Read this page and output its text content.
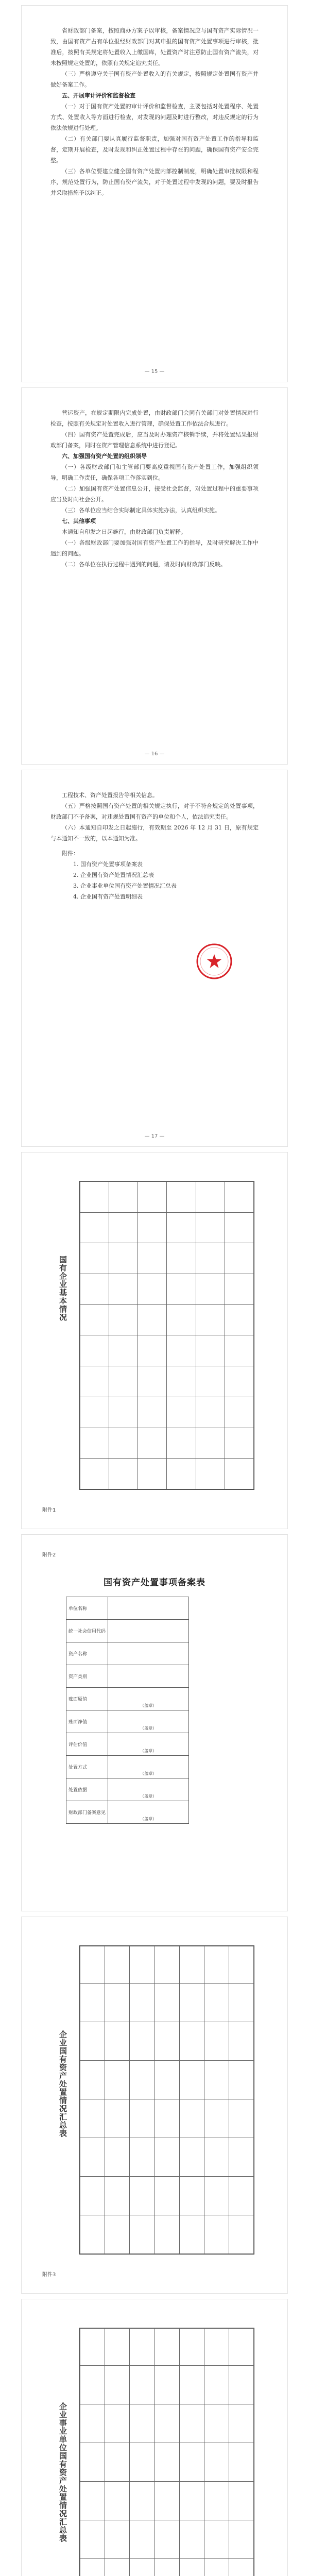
省财政部门备案，按照商办方案予以审核，备案情况应与国有资产实际情况一致，由国有资产占有单位报经财政部门对其申报的国有资产处置事项进行审核，批准后，按照有关规定将处置收入上缴国库，处置资产时注意防止国有资产流失，对未按照规定处置的，依照有关规定追究责任。

（三）严格遵守关于国有资产处置收入的有关规定，按照规定处置国有资产并做好备案工作。

五、开展审计评价和监督检查

（一）对于国有资产处置的审计评价和监督检查，主要包括对处置程序、处置方式、处置收入等方面进行检查，对发现的问题及时进行整改，对违反规定的行为依法依规进行处理。

（二）有关部门要认真履行监督职责，加强对国有资产处置工作的指导和监督，定期开展检查，及时发现和纠正处置过程中存在的问题，确保国有资产安全完整。

（三）各单位要建立健全国有资产处置内部控制制度，明确处置审批权限和程序，规范处置行为，防止国有资产流失，对于处置过程中发现的问题，要及时报告并采取措施予以纠正。

— 15 —

营运资产，在规定期限内完成处置，由财政部门会同有关部门对处置情况进行检查，按照有关规定对处置收入进行管理，确保处置工作依法合规进行。

（四）国有资产处置完成后，应当及时办理资产核销手续，并将处置结果报财政部门备案，同时在资产管理信息系统中进行登记。

六、加强国有资产处置的组织领导

（一）各级财政部门和主管部门要高度重视国有资产处置工作，加强组织领导，明确工作责任，确保各项工作落实到位。

（二）加强国有资产处置信息公开，接受社会监督，对处置过程中的重要事项应当及时向社会公开。

（三）各单位应当结合实际制定具体实施办法，认真组织实施。

七、其他事项

本通知自印发之日起施行，由财政部门负责解释。

（一）各级财政部门要加强对国有资产处置工作的指导，及时研究解决工作中遇到的问题。

（二）各单位在执行过程中遇到的问题，请及时向财政部门反映。

— 16 —

工程技术、资产处置报告等相关信息。

（五）严格按照国有资产处置的相关规定执行，对于不符合规定的处置事项，财政部门不予备案，对违规处置国有资产的单位和个人，依法追究责任。

（六）本通知自印发之日起施行，有效期至 2026 年 12 月 31 日，原有规定与本通知不一致的，以本通知为准。

附件：

1. 国有资产处置事项备案表

2. 企业国有资产处置情况汇总表

3. 企业事业单位国有资产处置情况汇总表

4. 企业国有资产处置明细表

— 17 —
国有企业基本情况

附件1
附件2
国有资产处置事项备案表
单位名称	
统一社会信用代码	
资产名称	
资产类别	
账面原值	（盖章）
账面净值	（盖章）
评估价值	（盖章）
处置方式	（盖章）
处置依据	（盖章）
财政部门备案意见	（盖章）
企业国有资产处置情况汇总表

附件3
企业事业单位国有资产处置情况汇总表
